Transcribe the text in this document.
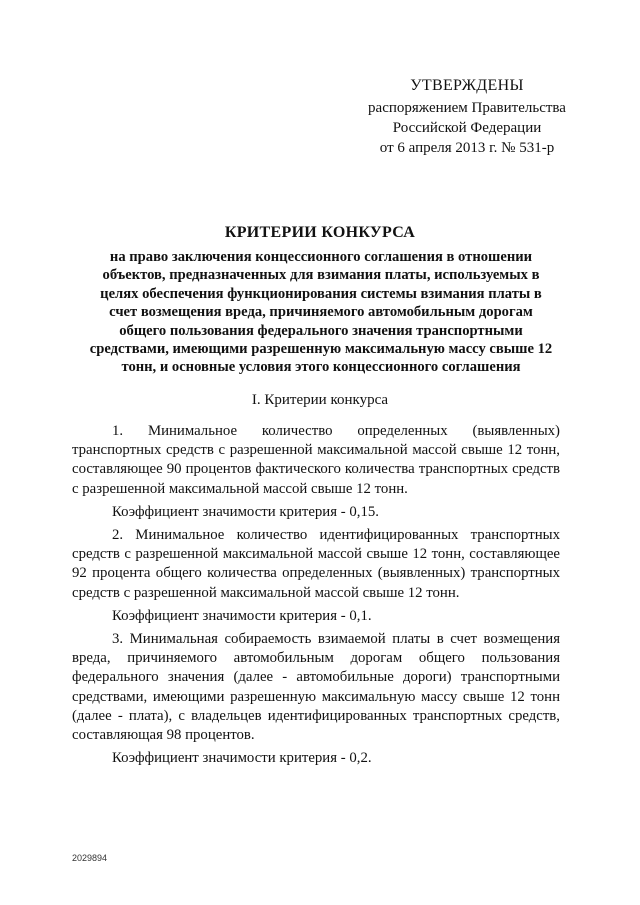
УТВЕРЖДЕНЫ
распоряжением Правительства
Российской Федерации
от 6 апреля 2013 г. № 531-р
КРИТЕРИИ КОНКУРСА
на право заключения концессионного соглашения в отношении объектов, предназначенных для взимания платы, используемых в целях обеспечения функционирования системы взимания платы в счет возмещения вреда, причиняемого автомобильным дорогам общего пользования федерального значения транспортными средствами, имеющими разрешенную максимальную массу свыше 12 тонн, и основные условия этого концессионного соглашения
I. Критерии конкурса

1. Минимальное количество определенных (выявленных) транспортных средств с разрешенной максимальной массой свыше 12 тонн, составляющее 90 процентов фактического количества транспортных средств с разрешенной максимальной массой свыше 12 тонн.

Коэффициент значимости критерия - 0,15.

2. Минимальное количество идентифицированных транспортных средств с разрешенной максимальной массой свыше 12 тонн, составляющее 92 процента общего количества определенных (выявленных) транспортных средств с разрешенной максимальной массой свыше 12 тонн.

Коэффициент значимости критерия - 0,1.

3. Минимальная собираемость взимаемой платы в счет возмещения вреда, причиняемого автомобильным дорогам общего пользования федерального значения (далее - автомобильные дороги) транспортными средствами, имеющими разрешенную максимальную массу свыше 12 тонн (далее - плата), с владельцев идентифицированных транспортных средств, составляющая 98 процентов.

Коэффициент значимости критерия - 0,2.

2029894
